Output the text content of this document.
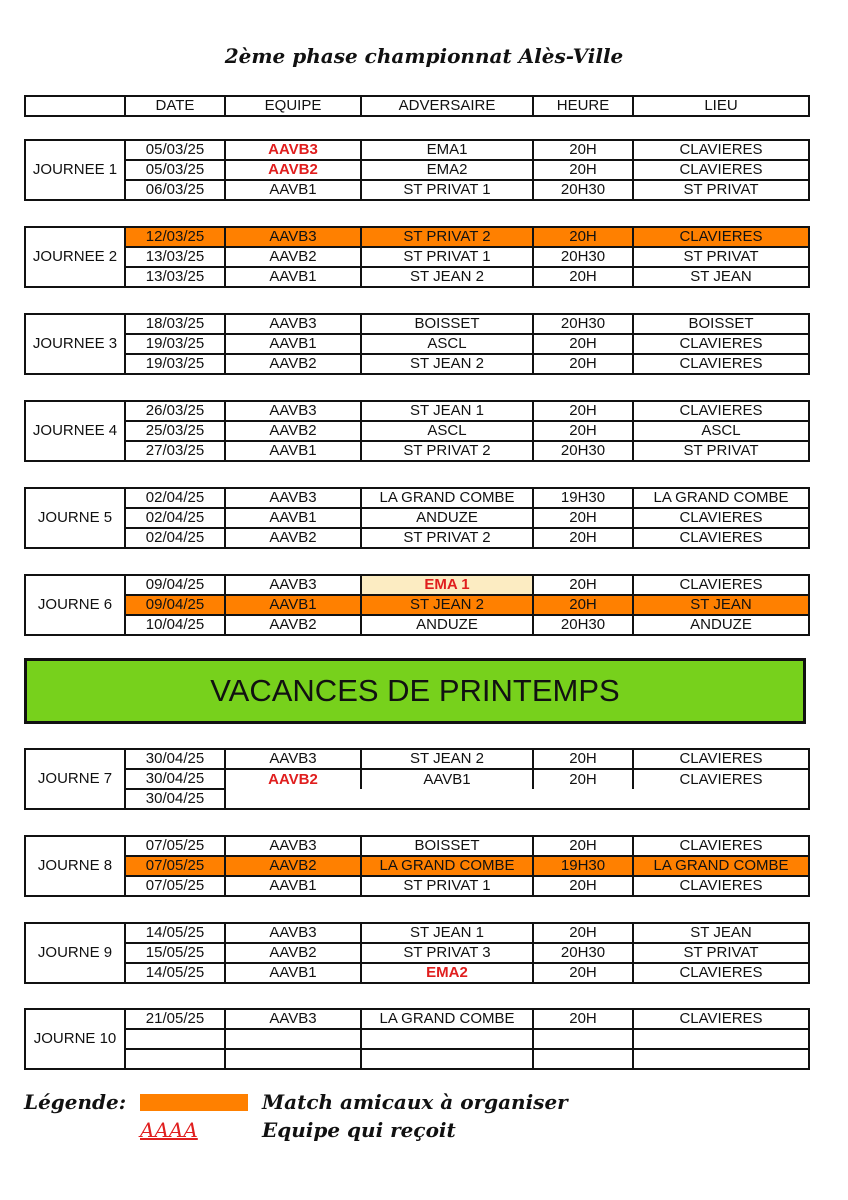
2ème phase championnat Alès-Ville
	DATE	EQUIPE	ADVERSAIRE	HEURE	LIEU
JOURNEE 1	05/03/25	AAVB3	EMA1	20H	CLAVIERES
	05/03/25	AAVB2	EMA2	20H	CLAVIERES
	06/03/25	AAVB1	ST PRIVAT 1	20H30	ST PRIVAT
JOURNEE 2	12/03/25	AAVB3	ST PRIVAT 2	20H	CLAVIERES
	13/03/25	AAVB2	ST PRIVAT 1	20H30	ST PRIVAT
	13/03/25	AAVB1	ST JEAN 2	20H	ST JEAN
JOURNEE 3	18/03/25	AAVB3	BOISSET	20H30	BOISSET
	19/03/25	AAVB1	ASCL	20H	CLAVIERES
	19/03/25	AAVB2	ST JEAN 2	20H	CLAVIERES
JOURNEE 4	26/03/25	AAVB3	ST JEAN 1	20H	CLAVIERES
	25/03/25	AAVB2	ASCL	20H	ASCL
	27/03/25	AAVB1	ST PRIVAT 2	20H30	ST PRIVAT
JOURNE 5	02/04/25	AAVB3	LA GRAND COMBE	19H30	LA GRAND COMBE
	02/04/25	AAVB1	ANDUZE	20H	CLAVIERES
	02/04/25	AAVB2	ST PRIVAT 2	20H	CLAVIERES
JOURNE 6	09/04/25	AAVB3	EMA 1	20H	CLAVIERES
	09/04/25	AAVB1	ST JEAN 2	20H	ST JEAN
	10/04/25	AAVB2	ANDUZE	20H30	ANDUZE
JOURNE 7	30/04/25	AAVB3	ST JEAN 2	20H	CLAVIERES
	30/04/25	AAVB2	AAVB1	20H	CLAVIERES
	30/04/25				
JOURNE 8	07/05/25	AAVB3	BOISSET	20H	CLAVIERES
	07/05/25	AAVB2	LA GRAND COMBE	19H30	LA GRAND COMBE
	07/05/25	AAVB1	ST PRIVAT 1	20H	CLAVIERES
JOURNE 9	14/05/25	AAVB3	ST JEAN 1	20H	ST JEAN
	15/05/25	AAVB2	ST PRIVAT 3	20H30	ST PRIVAT
	14/05/25	AAVB1	EMA2	20H	CLAVIERES
JOURNE 10	21/05/25	AAVB3	LA GRAND COMBE	20H	CLAVIERES

VACANCES DE PRINTEMPS
Légende:	Match amicaux à organiser
AAAA	Equipe qui reçoit
